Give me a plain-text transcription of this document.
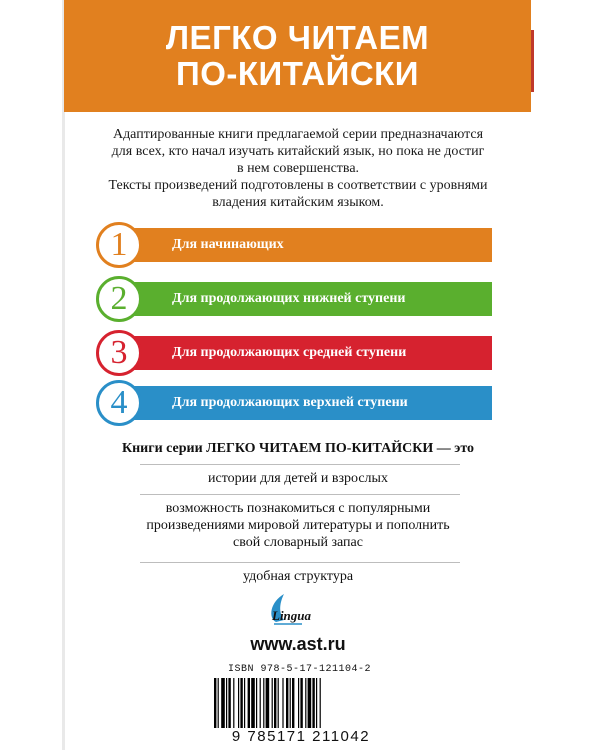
ЛЕГКО ЧИТАЕМ
ПО-КИТАЙСКИ

Адаптированные книги предлагаемой серии предназначаются
для всех, кто начал изучать китайский язык, но пока не достиг
в нем совершенства.

Тексты произведений подготовлены в соответствии с уровнями
владения китайским языком.

Для начинающих
1
Для продолжающих нижней ступени
2
Для продолжающих средней ступени
3
Для продолжающих верхней ступени
4
Книги серии ЛЕГКО ЧИТАЕМ ПО-КИТАЙСКИ — это
истории для детей и взрослых
возможность познакомиться с популярными
произведениями мировой литературы и пополнить
свой словарный запас
удобная структура
Lingua
www.ast.ru
ISBN 978-5-17-121104-2
9 785171 211042
